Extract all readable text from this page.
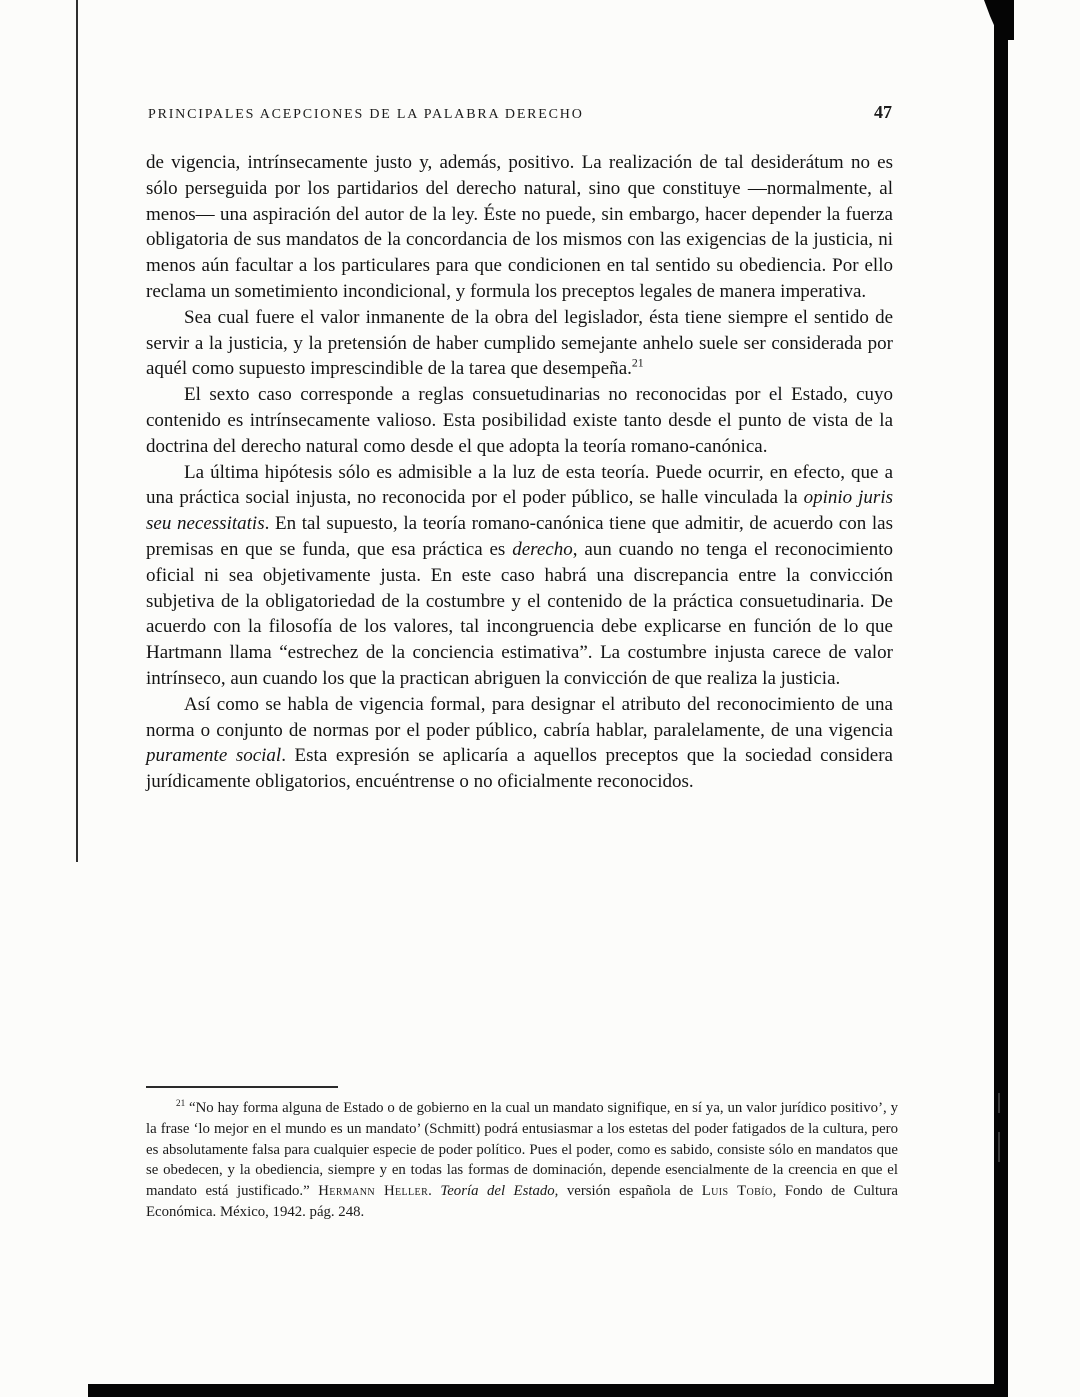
PRINCIPALES ACEPCIONES DE LA PALABRA DERECHO	47

de vigencia, intrínsecamente justo y, además, positivo. La realización de tal desiderátum no es sólo perseguida por los partidarios del derecho natural, sino que constituye —normalmente, al menos— una aspiración del autor de la ley. Éste no puede, sin embargo, hacer depender la fuerza obligatoria de sus mandatos de la concordancia de los mismos con las exigencias de la justicia, ni menos aún facultar a los particulares para que condicionen en tal sentido su obediencia. Por ello reclama un sometimiento incondicional, y formula los preceptos legales de manera imperativa.

Sea cual fuere el valor inmanente de la obra del legislador, ésta tiene siempre el sentido de servir a la justicia, y la pretensión de haber cumplido semejante anhelo suele ser considerada por aquél como supuesto imprescindible de la tarea que desempeña.$^{21}$

El sexto caso corresponde a reglas consuetudinarias no reconocidas por el Estado, cuyo contenido es intrínsecamente valioso. Esta posibilidad existe tanto desde el punto de vista de la doctrina del derecho natural como desde el que adopta la teoría romano-canónica.

La última hipótesis sólo es admisible a la luz de esta teoría. Puede ocurrir, en efecto, que a una práctica social injusta, no reconocida por el poder público, se halle vinculada la opinio juris seu necessitatis. En tal supuesto, la teoría romano-canónica tiene que admitir, de acuerdo con las premisas en que se funda, que esa práctica es derecho, aun cuando no tenga el reconocimiento oficial ni sea objetivamente justa. En este caso habrá una discrepancia entre la convicción subjetiva de la obligatoriedad de la costumbre y el contenido de la práctica consuetudinaria. De acuerdo con la filosofía de los valores, tal incongruencia debe explicarse en función de lo que Hartmann llama “estrechez de la conciencia estimativa”. La costumbre injusta carece de valor intrínseco, aun cuando los que la practican abriguen la convicción de que realiza la justicia.

Así como se habla de vigencia formal, para designar el atributo del reconocimiento de una norma o conjunto de normas por el poder público, cabría hablar, paralelamente, de una vigencia puramente social. Esta expresión se aplicaría a aquellos preceptos que la sociedad considera jurídicamente obligatorios, encuéntrense o no oficialmente reconocidos.

$^{21}$ “No hay forma alguna de Estado o de gobierno en la cual un mandato signifique, en sí ya, un valor jurídico positivo’, y la frase ‘lo mejor en el mundo es un mandato’ (Schmitt) podrá entusiasmar a los estetas del poder fatigados de la cultura, pero es absolutamente falsa para cualquier especie de poder político. Pues el poder, como es sabido, consiste sólo en mandatos que se obedecen, y la obediencia, siempre y en todas las formas de dominación, depende esencialmente de la creencia en que el mandato está justificado.” Hermann Heller. Teoría del Estado, versión española de Luis Tobío, Fondo de Cultura Económica. México, 1942. pág. 248.
